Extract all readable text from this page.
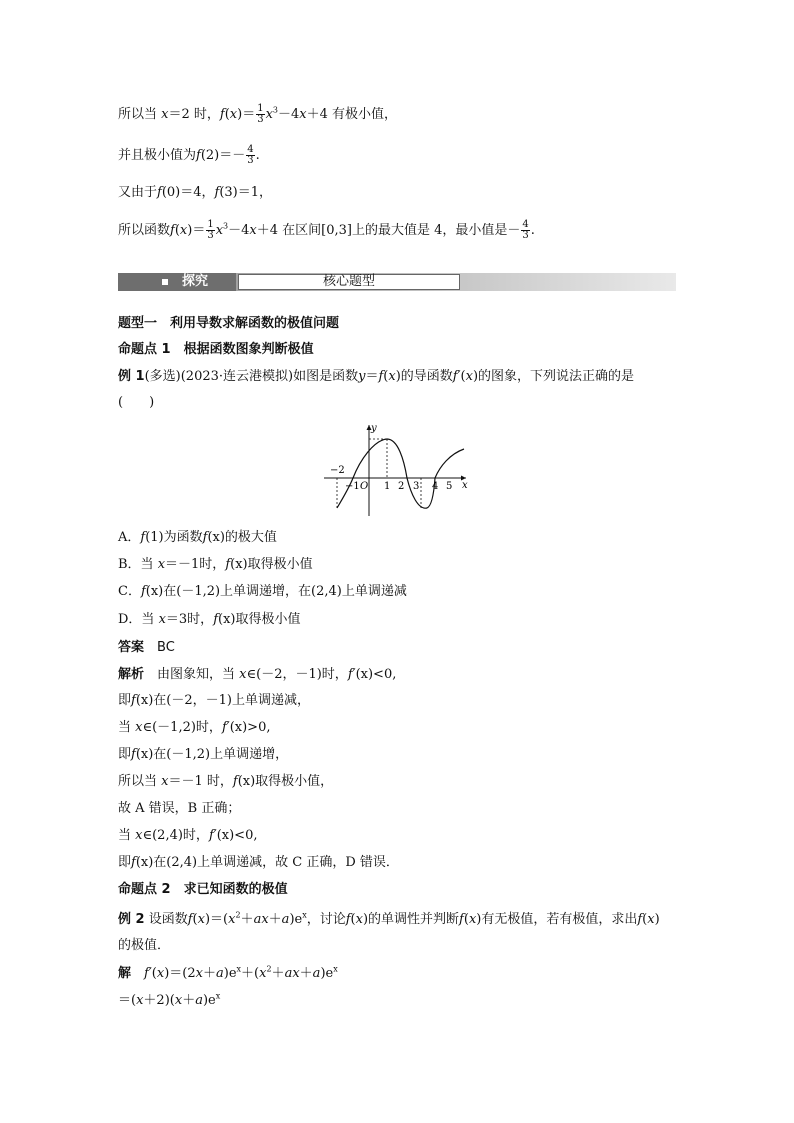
所以当 x＝2 时，$f(x)= \frac{1}{3} x^3-4x+4$ 有极小值，
并且极小值为$f(2)=- \frac{4}{3}$ .
又由于f(0)＝4，f(3)＝1，
所以函数$f(x)= \frac{1}{3} x^3-4x+4$ 在区间[0,3]上的最大值是 4，最小值是－ $\frac{4}{3}$ .
探究	核心题型
题型一　利用导数求解函数的极值问题
命题点 1　根据函数图象判断极值
例 1(多选)(2023·连云港模拟)如图是函数y＝f(x)的导函数f′(x)的图象，下列说法正确的是
(　　)
y
x
O
−2
−1 1 2 3 4 5
A．f(1)为函数f(x)的极大值
B．当 x＝－1时，f(x)取得极小值
C．f(x)在(－1,2)上单调递增，在(2,4)上单调递减
D．当 x＝3时，f(x)取得极小值
答案  BC
解析  由图象知，当 x∈(－2，－1)时，f′(x)<0,
即f(x)在(－2，－1)上单调递减，
当 x∈(－1,2)时，f′(x)>0,
即f(x)在(－1,2)上单调递增，
所以当 x＝－1 时，f(x)取得极小值，
故 A 错误，B 正确；
当 x∈(2,4)时，f′(x)<0,
即f(x)在(2,4)上单调递减，故 C 正确，D 错误．
命题点 2　求已知函数的极值
例 2 设函数$f(x)=(x^2+ax+a)e^x$，讨论f(x)的单调性并判断f(x)有无极值，若有极值，求出f(x)
的极值．
解  $f'(x)=(2x+a)e^x+(x^2+ax+a)e^x$
$=(x+2)(x+a)e^x$
